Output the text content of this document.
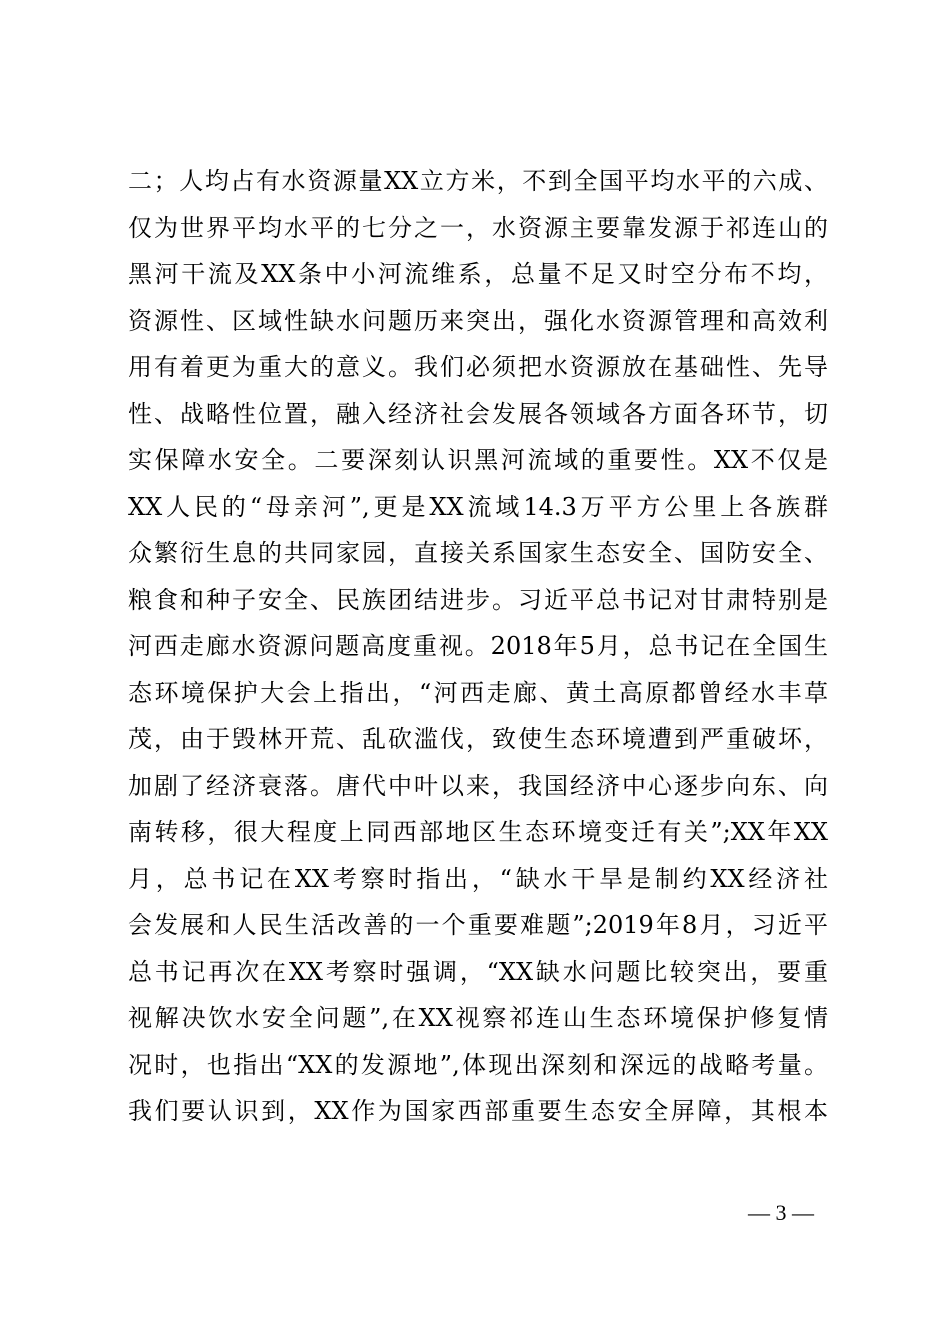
二；人均占有水资源量XX立方米，不到全国平均水平的六成、
仅为世界平均水平的七分之一，水资源主要靠发源于祁连山的
黑河干流及XX条中小河流维系，总量不足又时空分布不均，
资源性、区域性缺水问题历来突出，强化水资源管理和高效利
用有着更为重大的意义。我们必须把水资源放在基础性、先导
性、战略性位置，融入经济社会发展各领域各方面各环节，切
实保障水安全。二要深刻认识黑河流域的重要性。XX不仅是
XX人民的“母亲河”,更是XX流域14.3万平方公里上各族群
众繁衍生息的共同家园，直接关系国家生态安全、国防安全、
粮食和种子安全、民族团结进步。习近平总书记对甘肃特别是
河西走廊水资源问题高度重视。2018年5月，总书记在全国生
态环境保护大会上指出，“河西走廊、黄土高原都曾经水丰草
茂，由于毁林开荒、乱砍滥伐，致使生态环境遭到严重破坏，
加剧了经济衰落。唐代中叶以来，我国经济中心逐步向东、向
南转移，很大程度上同西部地区生态环境变迁有关”;XX年XX
月，总书记在XX考察时指出，“缺水干旱是制约XX经济社
会发展和人民生活改善的一个重要难题”;2019年8月，习近平
总书记再次在XX考察时强调，“XX缺水问题比较突出，要重
视解决饮水安全问题”,在XX视察祁连山生态环境保护修复情
况时，也指出“XX的发源地”,体现出深刻和深远的战略考量。
我们要认识到，XX作为国家西部重要生态安全屏障，其根本
— 3 —
